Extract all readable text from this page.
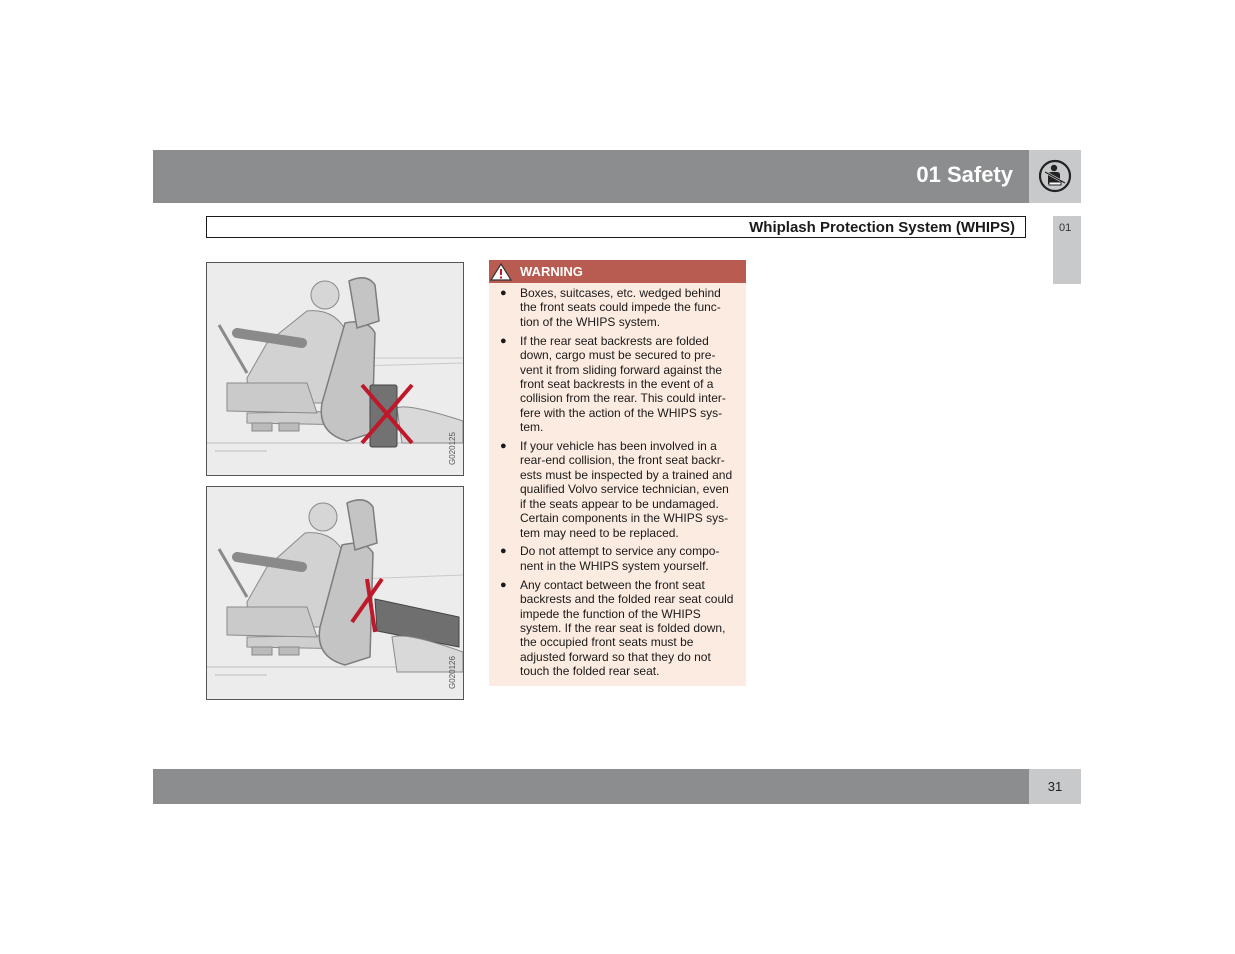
01 Safety
Whiplash Protection System (WHIPS)	01
G020125
G020126
WARNING
● Boxes, suitcases, etc. wedged behind the front seats could impede the func- tion of the WHIPS system.
● If the rear seat backrests are folded down, cargo must be secured to pre- vent it from sliding forward against the front seat backrests in the event of a collision from the rear. This could inter- fere with the action of the WHIPS sys- tem.
● If your vehicle has been involved in a rear-end collision, the front seat backr- ests must be inspected by a trained and qualified Volvo service technician, even if the seats appear to be undamaged. Certain components in the WHIPS sys- tem may need to be replaced.
● Do not attempt to service any compo- nent in the WHIPS system yourself.
● Any contact between the front seat backrests and the folded rear seat could impede the function of the WHIPS system. If the rear seat is folded down, the occupied front seats must be adjusted forward so that they do not touch the folded rear seat.
31
